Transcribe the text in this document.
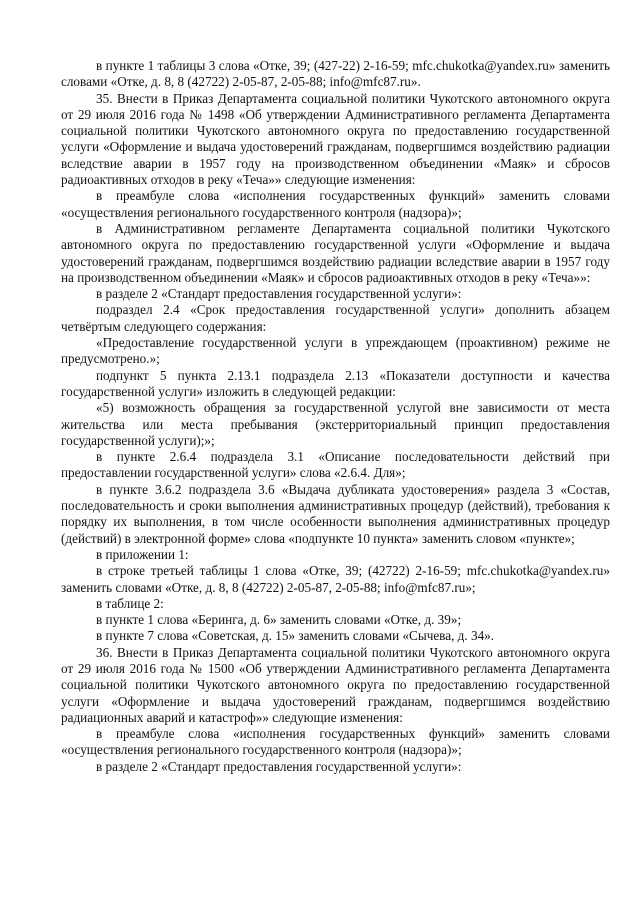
в пункте 1 таблицы 3 слова «Отке, 39; (427-22) 2-16-59; mfc.chukotka@yandex.ru» заменить словами «Отке, д. 8, 8 (42722) 2-05-87, 2-05-88; info@mfc87.ru».

35. Внести в Приказ Департамента социальной политики Чукотского автономного округа от 29 июля 2016 года № 1498 «Об утверждении Административного регламента Департамента социальной политики Чукотского автономного округа по предоставлению государственной услуги «Оформление и выдача удостоверений гражданам, подвергшимся воздействию радиации вследствие аварии в 1957 году на производственном объединении «Маяк» и сбросов радиоактивных отходов в реку «Теча»» следующие изменения:

в преамбуле слова «исполнения государственных функций» заменить словами «осуществления регионального государственного контроля (надзора)»;

в Административном регламенте Департамента социальной политики Чукотского автономного округа по предоставлению государственной услуги «Оформление и выдача удостоверений гражданам, подвергшимся воздействию радиации вследствие аварии в 1957 году на производственном объединении «Маяк» и сбросов радиоактивных отходов в реку «Теча»»:

в разделе 2 «Стандарт предоставления государственной услуги»:

подраздел 2.4 «Срок предоставления государственной услуги» дополнить абзацем четвёртым следующего содержания:

«Предоставление государственной услуги в упреждающем (проактивном) режиме не предусмотрено.»;

подпункт 5 пункта 2.13.1 подраздела 2.13 «Показатели доступности и качества государственной услуги» изложить в следующей редакции:

«5) возможность обращения за государственной услугой вне зависимости от места жительства или места пребывания (экстерриториальный принцип предоставления государственной услуги);»;

в пункте 2.6.4 подраздела 3.1 «Описание последовательности действий при предоставлении государственной услуги» слова «2.6.4. Для»;

в пункте 3.6.2 подраздела 3.6 «Выдача дубликата удостоверения» раздела 3 «Состав, последовательность и сроки выполнения административных процедур (действий), требования к порядку их выполнения, в том числе особенности выполнения административных процедур (действий) в электронной форме» слова «подпункте 10 пункта» заменить словом «пункте»;

в приложении 1:

в строке третьей таблицы 1 слова «Отке, 39; (42722) 2-16-59; mfc.chukotka@yandex.ru» заменить словами «Отке, д. 8, 8 (42722) 2-05-87, 2-05-88; info@mfc87.ru»;

в таблице 2:

в пункте 1 слова «Беринга, д. 6» заменить словами «Отке, д. 39»;

в пункте 7 слова «Советская, д. 15» заменить словами «Сычева, д. 34».

36. Внести в Приказ Департамента социальной политики Чукотского автономного округа от 29 июля 2016 года № 1500 «Об утверждении Административного регламента Департамента социальной политики Чукотского автономного округа по предоставлению государственной услуги «Оформление и выдача удостоверений гражданам, подвергшимся воздействию радиационных аварий и катастроф»» следующие изменения:

в преамбуле слова «исполнения государственных функций» заменить словами «осуществления регионального государственного контроля (надзора)»;

в разделе 2 «Стандарт предоставления государственной услуги»:
